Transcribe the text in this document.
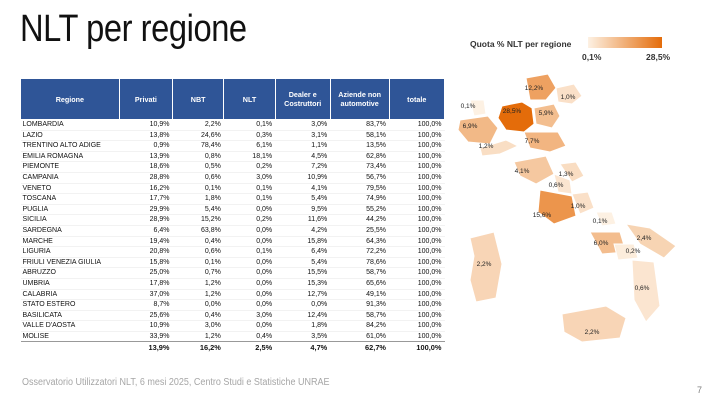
NLT per regione
Regione	Privati	NBT	NLT	Dealer e Costruttori	Aziende non automotive	totale
LOMBARDIA	10,9%	2,2%	0,1%	3,0%	83,7%	100,0%
LAZIO	13,8%	24,6%	0,3%	3,1%	58,1%	100,0%
TRENTINO ALTO ADIGE	0,9%	78,4%	6,1%	1,1%	13,5%	100,0%
EMILIA ROMAGNA	13,9%	0,8%	18,1%	4,5%	62,8%	100,0%
PIEMONTE	18,6%	0,5%	0,2%	7,2%	73,4%	100,0%
CAMPANIA	28,8%	0,6%	3,0%	10,9%	56,7%	100,0%
VENETO	16,2%	0,1%	0,1%	4,1%	79,5%	100,0%
TOSCANA	17,7%	1,8%	0,1%	5,4%	74,9%	100,0%
PUGLIA	29,9%	5,4%	0,0%	9,5%	55,2%	100,0%
SICILIA	28,9%	15,2%	0,2%	11,6%	44,2%	100,0%
SARDEGNA	6,4%	63,8%	0,0%	4,2%	25,5%	100,0%
MARCHE	19,4%	0,4%	0,0%	15,8%	64,3%	100,0%
LIGURIA	20,8%	0,6%	0,1%	6,4%	72,2%	100,0%
FRIULI VENEZIA GIULIA	15,8%	0,1%	0,0%	5,4%	78,6%	100,0%
ABRUZZO	25,0%	0,7%	0,0%	15,5%	58,7%	100,0%
UMBRIA	17,8%	1,2%	0,0%	15,3%	65,6%	100,0%
CALABRIA	37,0%	1,2%	0,0%	12,7%	49,1%	100,0%
STATO ESTERO	8,7%	0,0%	0,0%	0,0%	91,3%	100,0%
BASILICATA	25,6%	0,4%	3,0%	12,4%	58,7%	100,0%
VALLE D'AOSTA	10,9%	3,0%	0,0%	1,8%	84,2%	100,0%
MOLISE	33,9%	1,2%	0,4%	3,5%	61,0%	100,0%
	13,9%	16,2%	2,5%	4,7%	62,7%	100,0%
Quota % NLT per regione
0,1%	28,5%
28,5%
12,2%
1,0%
5,9%
0,1%
6,9%
7,7%
1,2%
4,1%	1,3%
0,6%
1,0%
15,6%
0,1%
2,4%
6,0%
0,2%
2,2%
0,6%
2,2%
Osservatorio Utilizzatori NLT, 6 mesi 2025, Centro Studi e Statistiche UNRAE
7
